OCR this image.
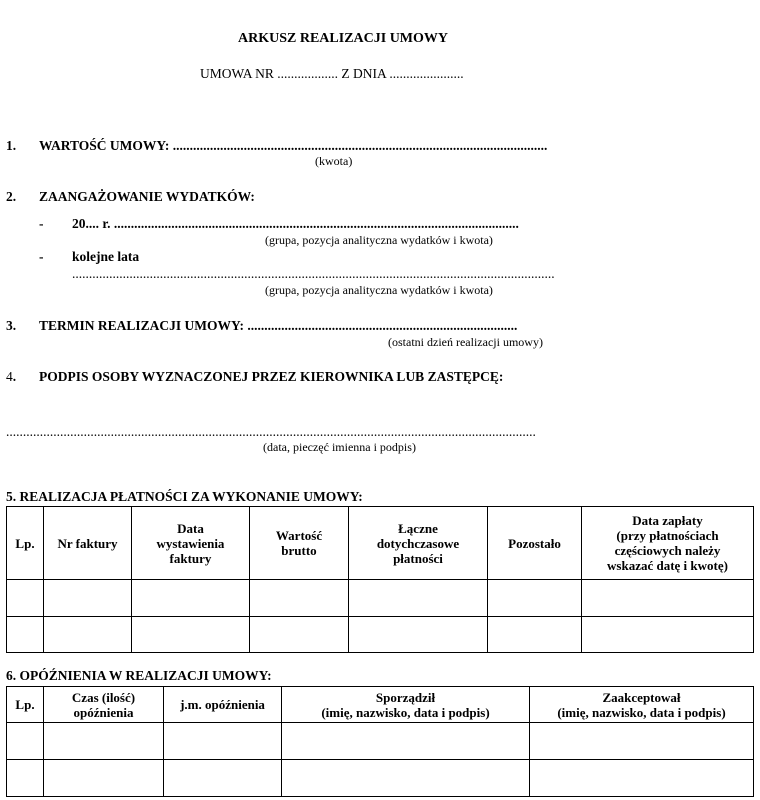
ARKUSZ REALIZACJI UMOWY
UMOWA NR .................. Z DNIA ......................
1. WARTOŚĆ UMOWY: ...............................................................................................................
(kwota)
2. ZAANGAŻOWANIE WYDATKÓW:
- 20.... r. ........................................................................................................................
(grupa, pozycja analityczna wydatków i kwota)
- kolejne lata
...............................................................................................................................................
(grupa, pozycja analityczna wydatków i kwota)
3. TERMIN REALIZACJI UMOWY: ................................................................................
(ostatni dzień realizacji umowy)
4. PODPIS OSOBY WYZNACZONEJ PRZEZ KIEROWNIKA LUB ZASTĘPCĘ:
.............................................................................................................................................................
(data, pieczęć imienna i podpis)
5. REALIZACJA PŁATNOŚCI ZA WYKONANIE UMOWY:
Lp.	Nr faktury	Data
wystawienia
faktury	Wartość
brutto	Łączne
dotychczasowe
płatności	Pozostało	Data zapłaty
(przy płatnościach
częściowych należy
wskazać datę i kwotę)

6. OPÓŹNIENIA W REALIZACJI UMOWY:
Lp.	Czas (ilość)
opóźnienia	j.m. opóźnienia	Sporządził
(imię, nazwisko, data i podpis)	Zaakceptował
(imię, nazwisko, data i podpis)
